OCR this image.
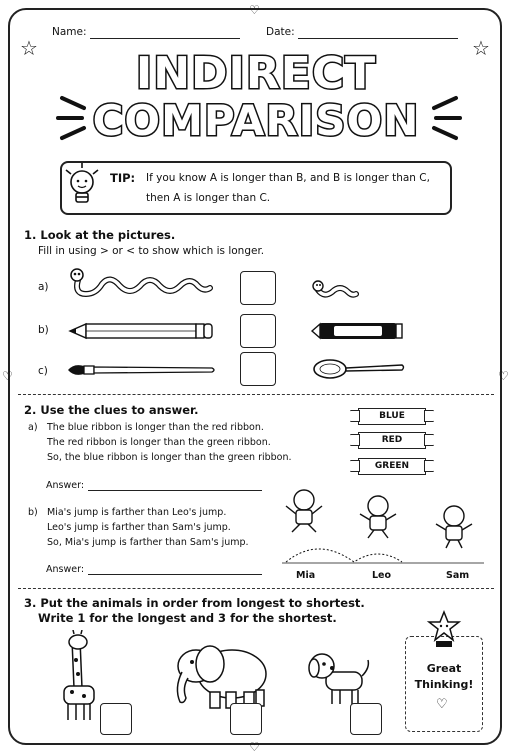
♡
♡	♡
♡
☆	☆
Name:	Date:
INDIRECT
COMPARISON
TIP: If you know A is longer than B, and B is longer than C,
then A is longer than C.
1. Look at the pictures.
Fill in using > or < to show which is longer.
a)
b)
c)
2. Use the clues to answer.
a) The blue ribbon is longer than the red ribbon.
The red ribbon is longer than the green ribbon.
So, the blue ribbon is longer than the green ribbon.
Answer:
BLUE
RED
GREEN
b) Mia's jump is farther than Leo's jump.
Leo's jump is farther than Sam's jump.
So, Mia's jump is farther than Sam's jump.
Answer:
Mia	Leo	Sam
3. Put the animals in order from longest to shortest.
Write 1 for the longest and 3 for the shortest.
Great
Thinking!
♡
